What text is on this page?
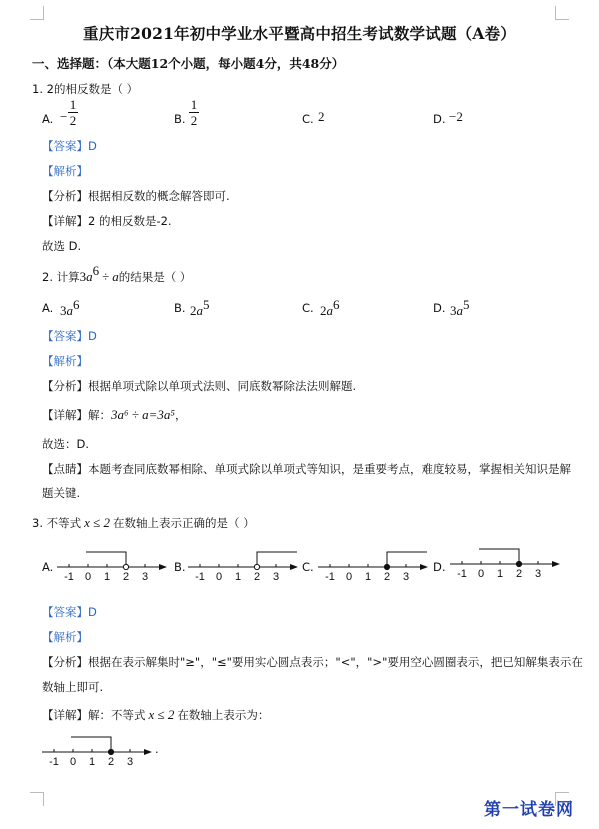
重庆市2021年初中学业水平暨高中招生考试数学试题（A卷）
一、选择题：（本大题12个小题，每小题4分，共48分）
1. 2的相反数是（ ）
A. −
1
2	B.
1
2	C. 2	D. −2
【答案】D
【解析】
【分析】根据相反数的概念解答即可.
【详解】2 的相反数是-2.
故选 D.
2. 计算$3a^6 \div a$的结果是（ ）
A. $3a^6$	B. $2a^5$	C. $2a^6$	D. $3a^5$
【答案】D
【解析】
【分析】根据单项式除以单项式法则、同底数幂除法法则解题.
【详解】解：3a⁶ ÷ a=3a⁵，
故选：D.
【点睛】本题考查同底数幂相除、单项式除以单项式等知识，是重要考点，难度较易，掌握相关知识是解
题关键.
3. 不等式 x ≤ 2 在数轴上表示正确的是（ ）
A.
-1 0 1 2 3
B.
-1 0 1 2 3
C.
-1 0 1 2 3
D. -1 0 1 2 3
【答案】D
【解析】
【分析】根据在表示解集时"≥"，"≤"要用实心圆点表示；"<"，">"要用空心圆圈表示，把已知解集表示在
数轴上即可.
【详解】解：不等式 x ≤ 2 在数轴上表示为：
-1 0 1 2 3
.
第一试卷网
